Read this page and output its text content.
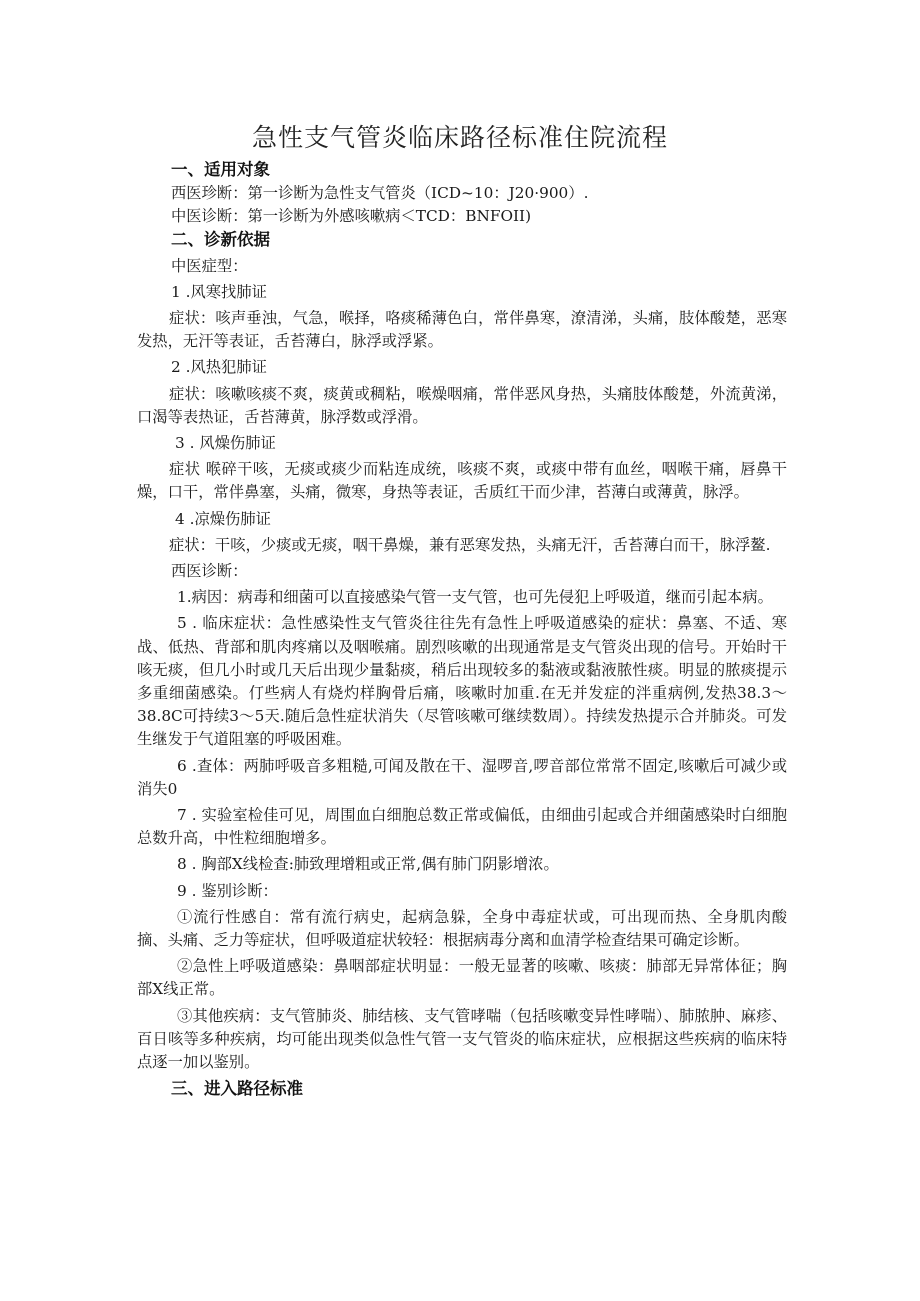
急性支气管炎临床路径标准住院流程

一、适用对象

西医珍断：第一诊断为急性支气管炎（ICD~10：J20·900）.

中医诊断：第一诊断为外感咳嗽病＜TCD：BNFOII)

二、诊新依据

中医症型：

1 .风寒找肺证

症状：咳声垂浊，气急，喉择，咯痰稀薄色白，常伴鼻寒，潦清涕，头痛，肢体酸楚，恶寒发热，无汗等表证，舌苔薄白，脉浮或浮紧。

2 .风热犯肺证

症状：咳嗽咳痰不爽，痰黄或稠粘，喉燥咽痛，常伴恶风身热，头痛肢体酸楚，外流黄涕，口渴等表热证，舌苔薄黄，脉浮数或浮滑。

3 . 风燥伤肺证

症状 喉碎干咳，无痰或痰少而粘连成统，咳痰不爽，或痰中带有血丝，咽喉干痛，唇鼻干燥，口干，常伴鼻塞，头痛，微寒，身热等表证，舌质红干而少津，苔薄白或薄黄，脉浮。

4 .凉燥伤肺证

症状：干咳，少痰或无痰，咽干鼻燥，兼有恶寒发热，头痛无汗，舌苔薄白而干，脉浮鳌.

西医诊断：

1.病因：病毒和细菌可以直接感染气管一支气管，也可先侵犯上呼吸道，继而引起本病。

5 . 临床症状：急性感染性支气管炎往往先有急性上呼吸道感染的症状：鼻塞、不适、寒战、低热、背部和肌肉疼痛以及咽喉痛。剧烈咳嗽的出现通常是支气管炎出现的信号。开始时干咳无痰，但几小时或几天后出现少量黏痰，稍后出现较多的黏液或黏液脓性痰。明显的脓痰提示多重细菌感染。仃些病人有烧灼样胸骨后痛，咳嗽时加重.在无并发症的泮重病例,发热38.3～38.8C可持续3～5天.随后急性症状消失（尽管咳嗽可继续数周）。持续发热提示合并肺炎。可发生继发于气道阻塞的呼吸困难。

6 .查体：两肺呼吸音多粗糙,可闻及散在干、湿啰音,啰音部位常常不固定,咳嗽后可减少或消失0

7 . 实验室检佳可见，周围血白细胞总数正常或偏低，由细曲引起或合并细菌感染时白细胞总数升高，中性粒细胞增多。

8 . 胸部X线检查:肺致理增粗或正常,偶有肺门阴影增浓。

9 . 鉴别诊断：

①流行性感自：常有流行病史，起病急躲，全身中毒症状或，可出现而热、全身肌肉酸摘、头痛、乏力等症状，但呼吸道症状较轻：根据病毒分离和血清学检查结果可确定诊断。

②急性上呼吸道感染：鼻咽部症状明显：一般无显著的咳嗽、咳痰：肺部无异常体征；胸部X线正常。

③其他疾病：支气管肺炎、肺结核、支气管哮喘（包括咳嗽变异性哮喘）、肺脓肿、麻疹、百日咳等多种疾病，均可能出现类似急性气管一支气管炎的临床症状，应根据这些疾病的临床特点逐一加以鉴别。

三、进入路径标准
